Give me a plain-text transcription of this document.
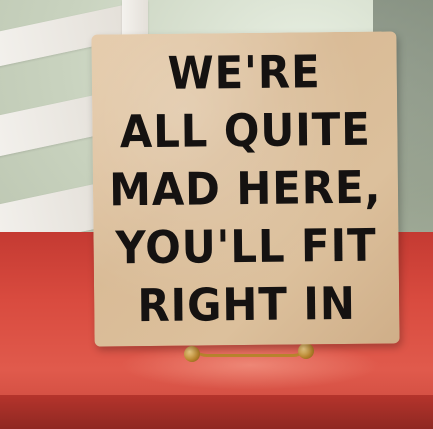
WE'RE
ALL QUITE
MAD HERE,
YOU'LL FIT
RIGHT IN
